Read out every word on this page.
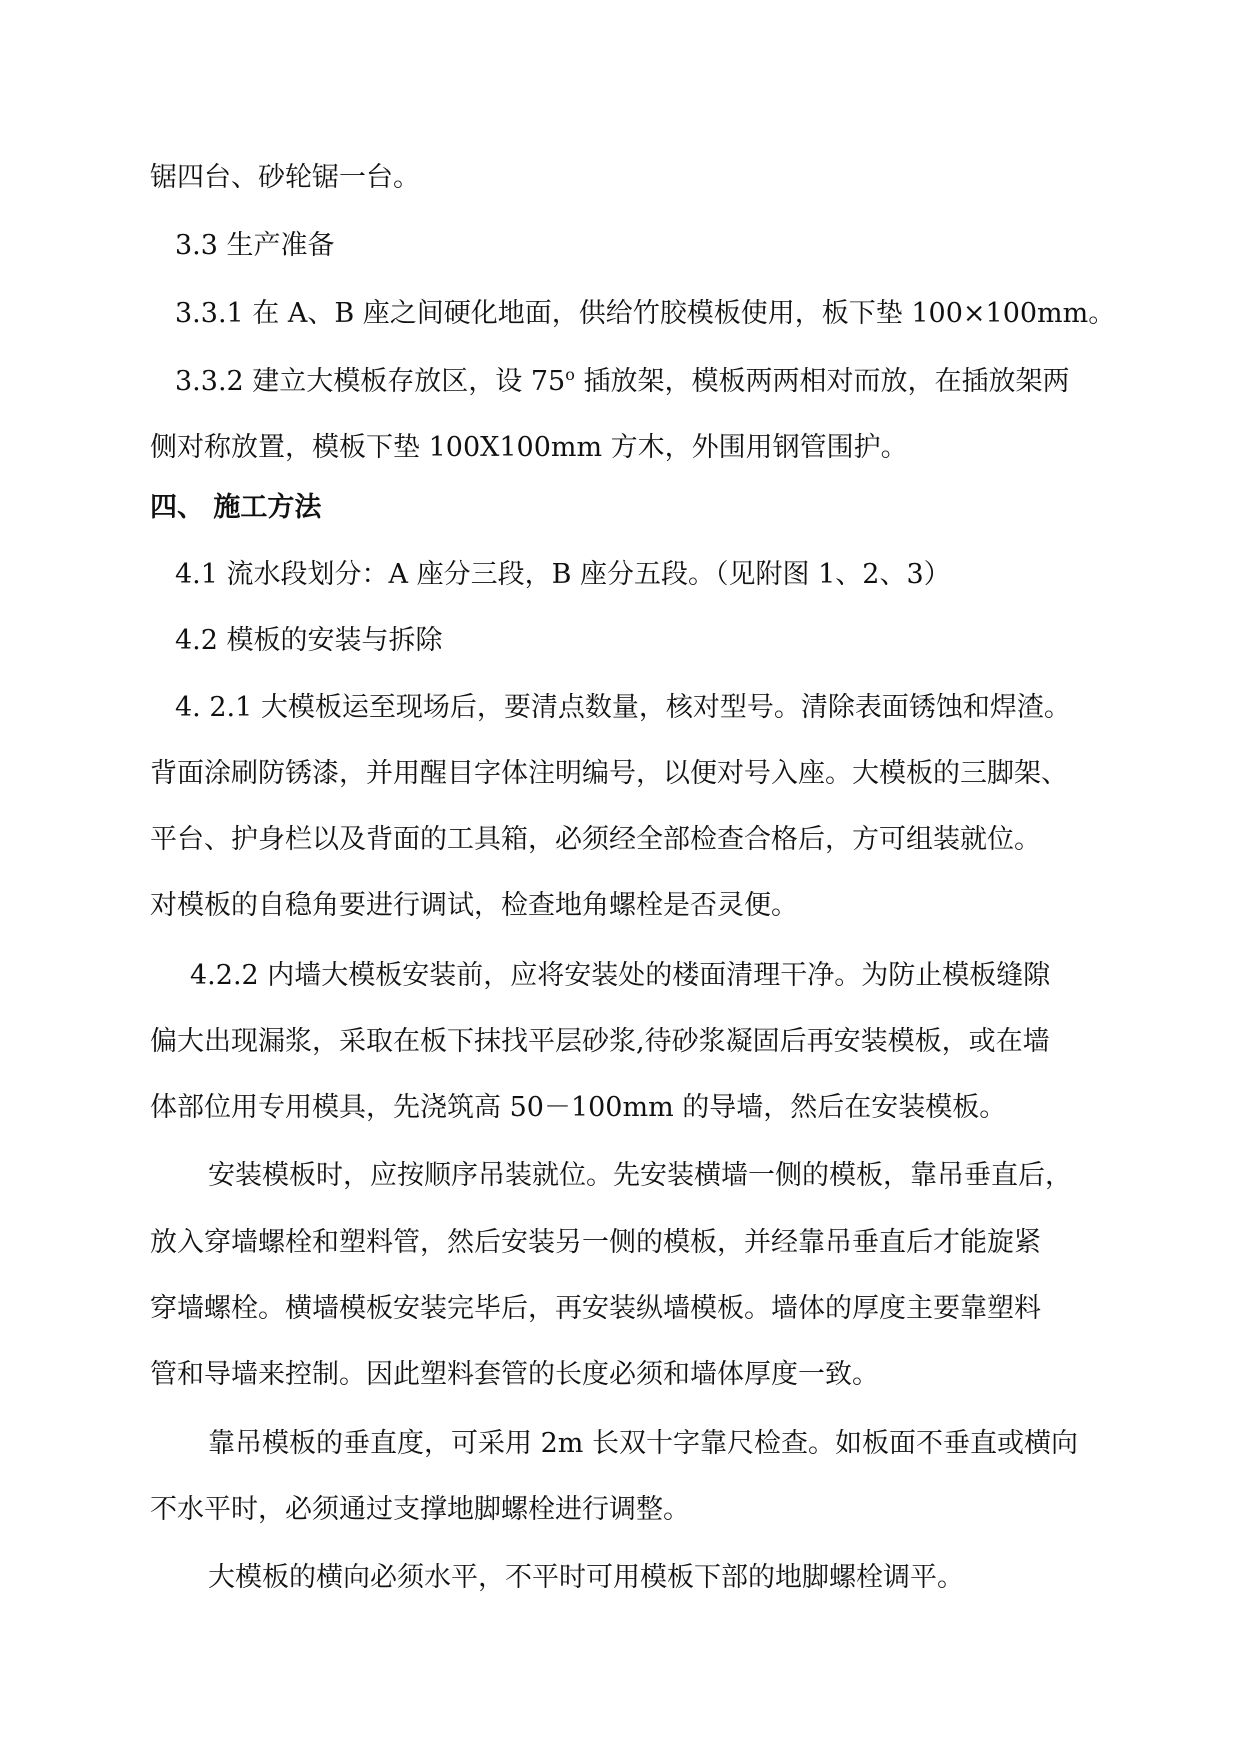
锯四台、砂轮锯一台。
3.3 生产准备
3.3.1 在 A、B 座之间硬化地面，供给竹胶模板使用，板下垫 100×100mm。
3.3.2 建立大模板存放区，设 75$^o$ 插放架，模板两两相对而放，在插放架两
侧对称放置，模板下垫 100Ⅹ100mm 方木，外围用钢管围护。
四、 施工方法
4.1 流水段划分：A 座分三段，B 座分五段。（见附图 1、2、3）
4.2 模板的安装与拆除
4. 2.1 大模板运至现场后，要清点数量，核对型号。清除表面锈蚀和焊渣。
背面涂刷防锈漆，并用醒目字体注明编号，以便对号入座。大模板的三脚架、
平台、护身栏以及背面的工具箱，必须经全部检查合格后，方可组装就位。
对模板的自稳角要进行调试，检查地角螺栓是否灵便。
4.2.2 内墙大模板安装前，应将安装处的楼面清理干净。为防止模板缝隙
偏大出现漏浆，采取在板下抹找平层砂浆,待砂浆凝固后再安装模板，或在墙
体部位用专用模具，先浇筑高 50－100mm 的导墙，然后在安装模板。
安装模板时，应按顺序吊装就位。先安装横墙一侧的模板，靠吊垂直后，
放入穿墙螺栓和塑料管，然后安装另一侧的模板，并经靠吊垂直后才能旋紧
穿墙螺栓。横墙模板安装完毕后，再安装纵墙模板。墙体的厚度主要靠塑料
管和导墙来控制。因此塑料套管的长度必须和墙体厚度一致。
靠吊模板的垂直度，可采用 2m 长双十字靠尺检查。如板面不垂直或横向
不水平时，必须通过支撑地脚螺栓进行调整。
大模板的横向必须水平，不平时可用模板下部的地脚螺栓调平。
